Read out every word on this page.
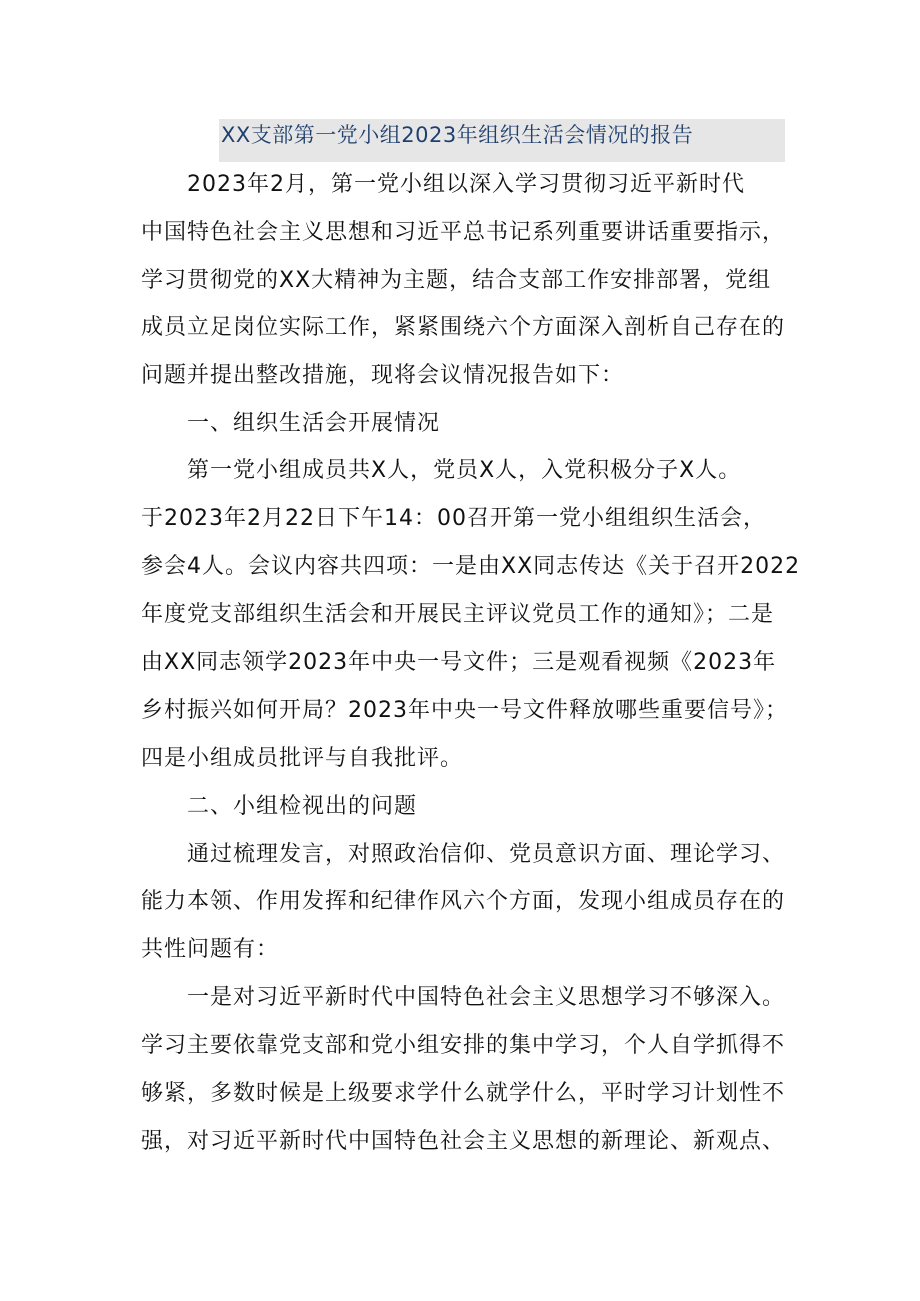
XX支部第一党小组2023年组织生活会情况的报告
2023年2月，第一党小组以深入学习贯彻习近平新时代
中国特色社会主义思想和习近平总书记系列重要讲话重要指示，
学习贯彻党的XX大精神为主题，结合支部工作安排部署，党组
成员立足岗位实际工作，紧紧围绕六个方面深入剖析自己存在的
问题并提出整改措施，现将会议情况报告如下：
一、组织生活会开展情况
第一党小组成员共X人，党员X人，入党积极分子X人。
于2023年2月22日下午14：00召开第一党小组组织生活会，
参会4人。会议内容共四项：一是由XX同志传达《关于召开2022
年度党支部组织生活会和开展民主评议党员工作的通知》；二是
由XX同志领学2023年中央一号文件；三是观看视频《2023年
乡村振兴如何开局？2023年中央一号文件释放哪些重要信号》；
四是小组成员批评与自我批评。
二、小组检视出的问题
通过梳理发言，对照政治信仰、党员意识方面、理论学习、
能力本领、作用发挥和纪律作风六个方面，发现小组成员存在的
共性问题有：
一是对习近平新时代中国特色社会主义思想学习不够深入。
学习主要依靠党支部和党小组安排的集中学习，个人自学抓得不
够紧，多数时候是上级要求学什么就学什么，平时学习计划性不
强，对习近平新时代中国特色社会主义思想的新理论、新观点、
